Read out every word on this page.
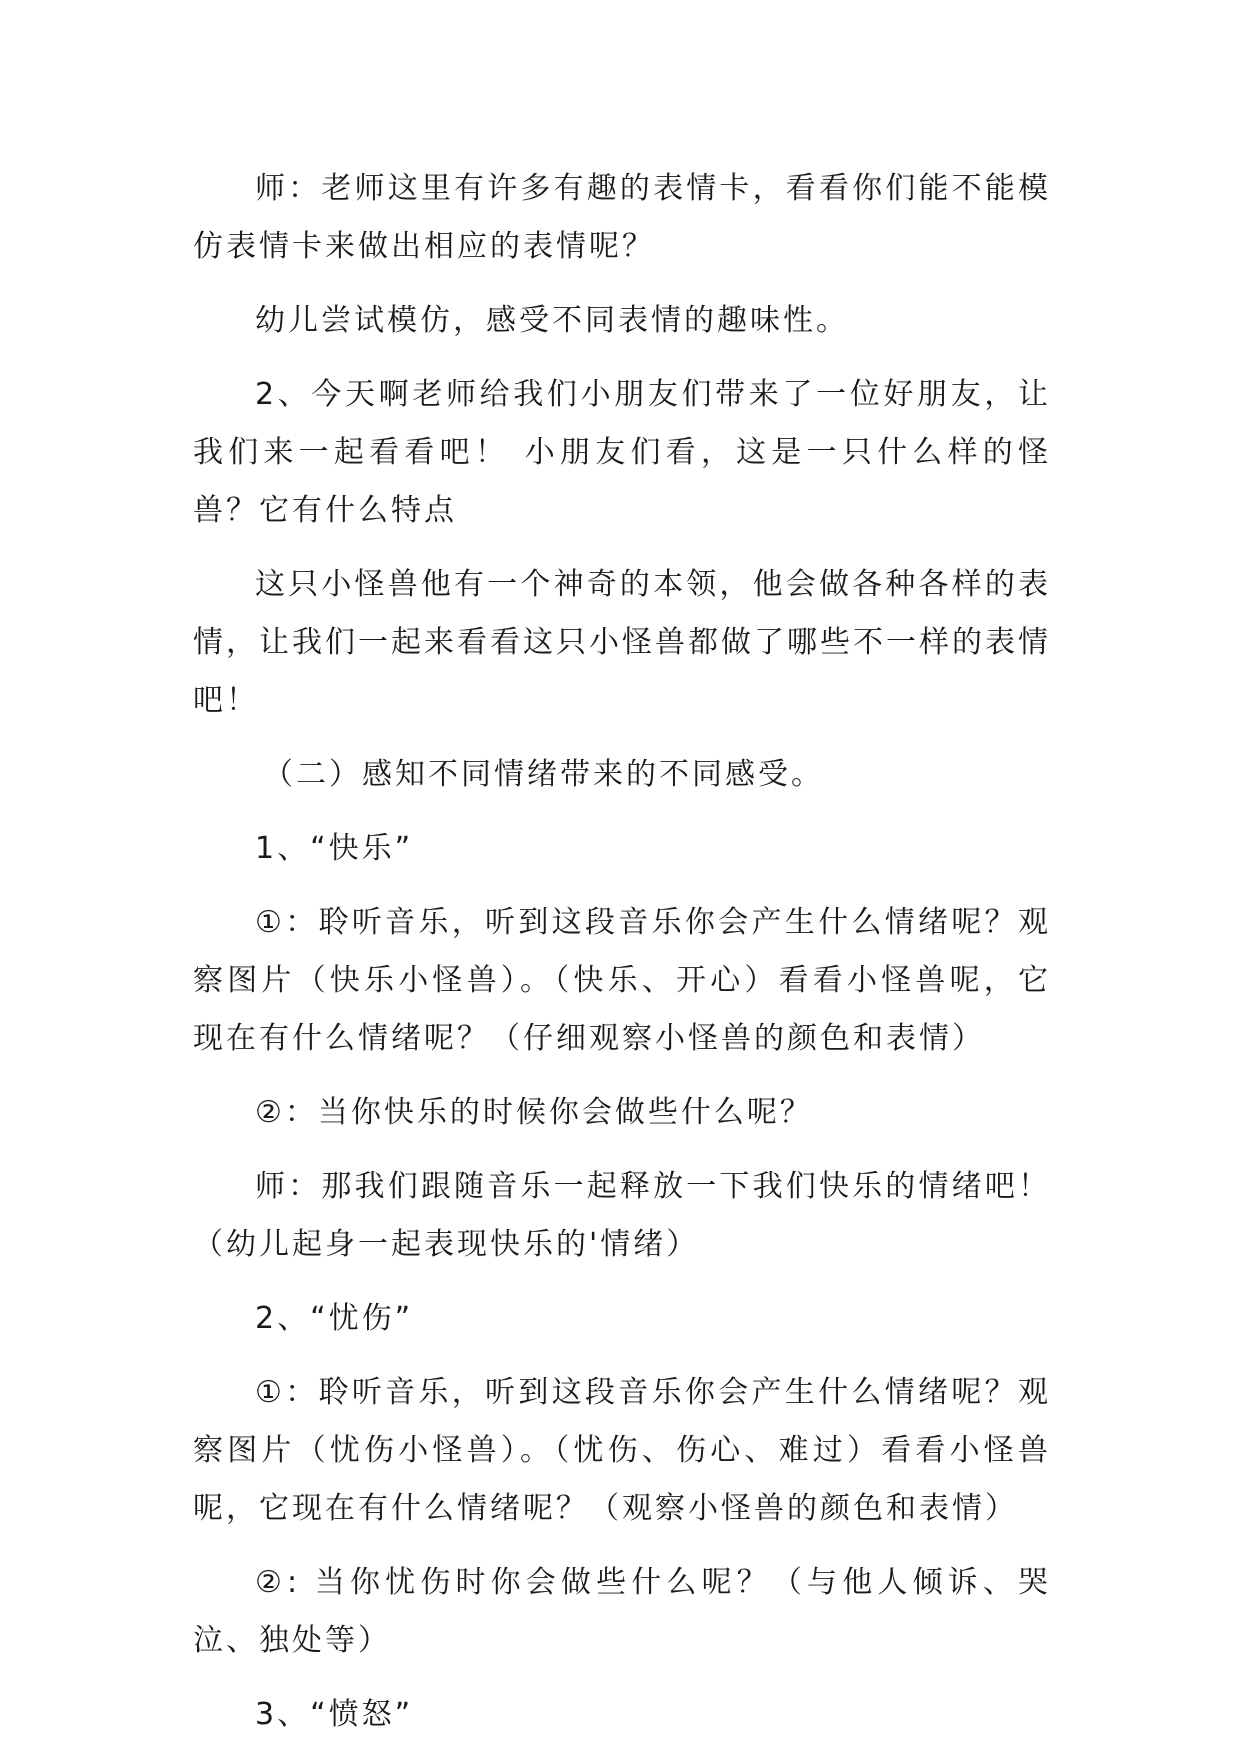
师：老师这里有许多有趣的表情卡，看看你们能不能模仿表情卡来做出相应的表情呢？

幼儿尝试模仿，感受不同表情的趣味性。

2、今天啊老师给我们小朋友们带来了一位好朋友，让我们来一起看看吧！ 小朋友们看，这是一只什么样的怪兽？它有什么特点

这只小怪兽他有一个神奇的本领，他会做各种各样的表情，让我们一起来看看这只小怪兽都做了哪些不一样的表情吧！

（二）感知不同情绪带来的不同感受。

1、“快乐”

①：聆听音乐，听到这段音乐你会产生什么情绪呢？观察图片（快乐小怪兽）。（快乐、开心）看看小怪兽呢，它现在有什么情绪呢？（仔细观察小怪兽的颜色和表情）

②：当你快乐的时候你会做些什么呢？

师：那我们跟随音乐一起释放一下我们快乐的情绪吧！（幼儿起身一起表现快乐的'情绪）

2、“忧伤”

①：聆听音乐，听到这段音乐你会产生什么情绪呢？观察图片（忧伤小怪兽）。（忧伤、伤心、难过）看看小怪兽呢，它现在有什么情绪呢？（观察小怪兽的颜色和表情）

②: 当你忧伤时你会做些什么呢？（与他人倾诉、哭泣、独处等）

3、“愤怒”
